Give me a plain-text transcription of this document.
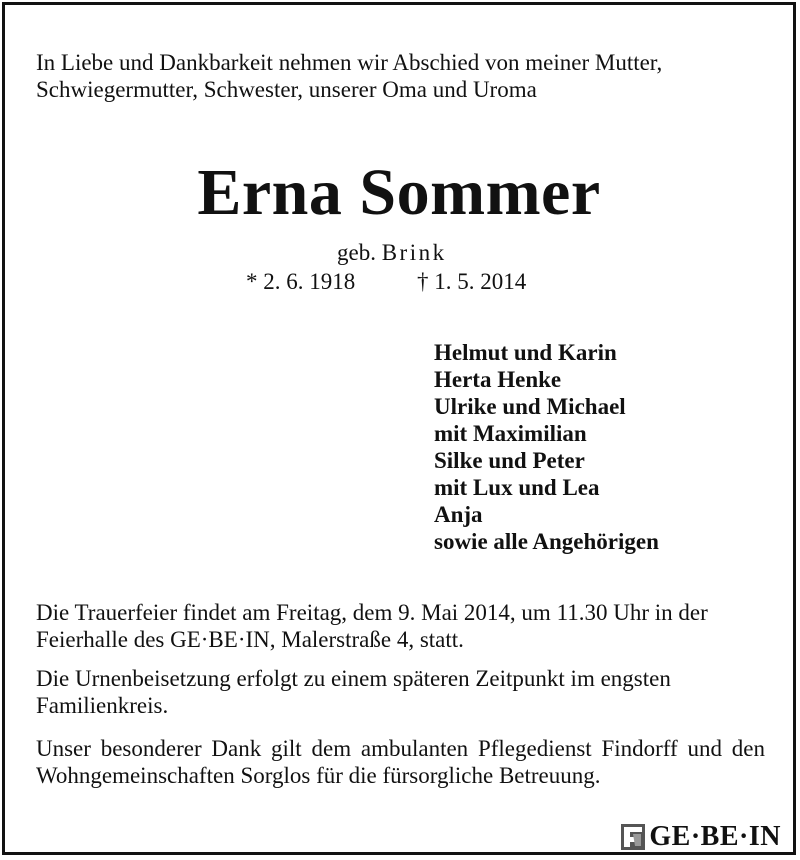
In Liebe und Dankbarkeit nehmen wir Abschied von meiner Mutter, Schwiegermutter, Schwester, unserer Oma und Uroma

Erna Sommer
geb. Brink
* 2. 6. 1918	† 1. 5. 2014
Helmut und Karin
Herta Henke
Ulrike und Michael
mit Maximilian
Silke und Peter
mit Lux und Lea
Anja
sowie alle Angehörigen

Die Trauerfeier findet am Freitag, dem 9. Mai 2014, um 11.30 Uhr in der Feierhalle des GE·BE·IN, Malerstraße 4, statt.

Die Urnenbeisetzung erfolgt zu einem späteren Zeitpunkt im engsten Familienkreis.

Unser besonderer Dank gilt dem ambulanten Pflegedienst Findorff und den Wohngemeinschaften Sorglos für die fürsorgliche Betreuung.

GE·BE·IN
